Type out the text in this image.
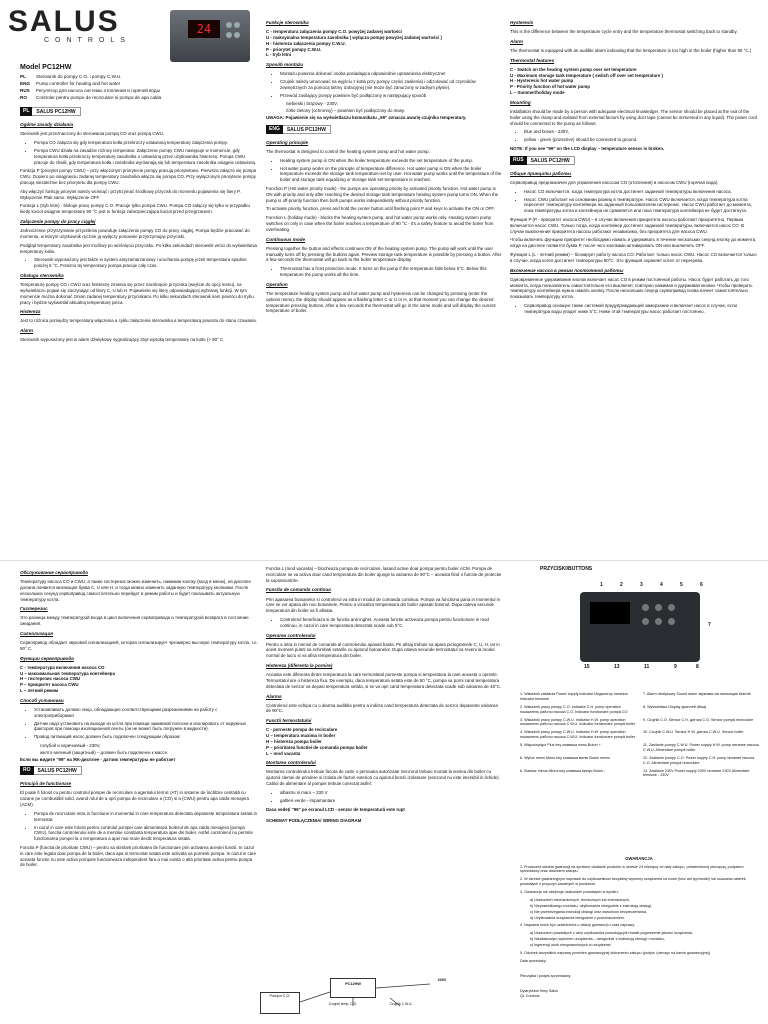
SALUS
CONTROLS
24
Model PC12HW
PL	Sterownik do pompy C.O. i pompy C.W.U.
ENG	Pump controller for heating and hot water
RUS	Регулятор для насоса системы отопления и горячей воды
RO	Controler pentru pompe de recirculare si pompa de apa calda
PL	SALUS PC12HW
Ogólne zasady działania

Sterownik jest przeznaczony do sterowania pompą CO oraz pompą CWU.

• Pompa CO załącza się gdy temperatura kotła przekroczy ustawioną temperaturę załączenia pompy.
• Pompa CWU działa na zasadzie różnicy temperatur. Załączenie pompy CWU następuje w momencie, gdy temperatura kotła przekroczy temperaturę zasobnika o ustawioną przez użytkownika histerezę. Pompa CWU pracuje do chwili, gdy temperatura kotła i zasobnika wyrównają się lub temperatura zasobnika osiągnie ustawioną.

Funkcja P (priorytet pompy CWU) – przy włączonym priorytecie pompy pracują priorytetowo. Pierwsza załącza się pompa CWU. Dopiero po osiągnięciu zadanej temperatury zasobnika włącza się pompa CO. Przy wyłączonym priorytecie pompy pracują niezależnie bez priorytetu dla pompy CWU.

Aby włączyć funkcję priorytet należy wcisnąć i przytrzymać środkowy przycisk do momentu pojawienia się litery P. Wyłączenie Ptak samo. Wyłączenie OFF.

Funkcja L (tryb letni) - blokuje pracę pompy C.O. Pracuje tylko pompa CWU. Pompa CO załączy się tylko w przypadku kiedy kocioł osiągnie temperaturę 90 °C jest to funkcja zabezpieczająca kocioł przed przegrzaniem.

Załączenie pompy do pracy ciągłej

Jednoczesne przytrzymanie przycisków powoduje załączenie pompy CO do pracy ciągłej. Pompa będzie pracować do momentu, w którym użytkownik ręcznie ją wyłączy ponownie przytrzymując przyciski.

Podgląd temperatury zasobnika jest możliwy po wciśnięciu przycisku. Po kilku sekundach sterownik wróci do wyświetlania temperatury kotła.

• Sterownik wyposażony jest także w system antyzamarzaniowy i uruchamia pompę jeżeli temperatura spadnie poniżej 5 °C. Pomimo tej temperatury pompa pracuje cały czas.
Obsługa sterownika

Temperaturę pompy CO i CWU oraz histerezę zmienia się przez naciśnięcie przycisku (wejście do opcji menu), na wyświetlaczu pojawi się zaczynając od litery C, U lub H. Pojawienie się litery odpowiadającej wybranej funkcji. W tym momencie można dokonać zmian zadanej temperatury przyciskami. Po kilku sekundach sterownik sam powróci do trybu pracy i będzie wyświetlał aktualną temperaturę pieca.

Histereza

Jest to różnica pomiędzy temperaturą włączenia a cyklu załączenia sterownika a temperaturą powrotu do stanu czuwania.

Alarm

Sterownik wyposażony jest w alarm dźwiękowy sygnalizujący zbyt wysoką temperaturę na kotle (> 90° C.

Funkcje sterownika
C - temperatura załączenia pompy C.O. powyżej zadanej wartości
U - maksymalna temperatura zasobnika ( wyłącza pompę powyżej zadanej wartości )
H - histereza załączenia pompy C.W.U.
P - priorytet pompy C.W.U.
L - tryb letni
Sposób montażu
• Montażu powinna dokonać osoba posiadająca odpowiednie uprawnienia elektryczne!
• Czujnik należy umocować na wyjściu z kotła przy pompy części zasilenia) i odizolować od czynników zewnętrznych za pomocą taśmy izolacyjnej (nie może być zanurzony w żadnym płynie).
• Przewód zasilający pompy powinien być podłączony w następujący sposób

niebieski i brązowy - 230V,

żółto-zielony (ochronny) – powinien być podłączony do masy.

UWAGA: Pojawienie się na wyświetlaczu komunikatu „99" oznacza awarię czujnika temperatury.

ENG	SALUS PC12HW
Operating principle

The thermostat is designed to control the heating system pump and hot water pump.

• Heating system pump is ON when the boiler temperature exceeds the set temperature of the pump.
• Hot water pump works on the principle of temperature difference. Hot water pump is ON when the boiler temperature exceeds the storage tank temperature-set by user. Hot water pump works until the temperature of the boiler and storage tank equalizing or storage tank set temperature is reached.

Function P (Hot water priority mode) - the pumps are operating priority by activated priority function. Hot water pump is ON with priority and only after reaching the desired storage tank temperature heating system pump turns ON. When the pump is off-priority function then both pumps works independently without priority function.

To activate priority function, press and hold the center button until flashing point P and keys to activate the ON or OFF.

Function L (holiday mode) - blocks the heating system pump, and hot water pump works only. Heating system pump switches on only in case when the boiler reaches a temperature of 90 °C - it's a safety feature to avoid the boiler from overheating.

Continuous mode

Pressing together the button and effects continues ON of the heating system pump. The pump will work until the user manually turns off by pressing the buttons again. Preview storage tank temperature is possible by pressing a button. After a few seconds the thermostat will go back to the boiler temperature display

• Thermostat has a frost protection mode. It turns on the pump if the temperature falls below 5°C. Below this temperature the pump works all the time.
Operation

The temperature heating system pump and hot water pump and hysteresis can be changed by pressing (enter the options menu), the display should appear as a flashing letter C or U or H, at that moment you can change the desired temperature pressing buttons. After a few seconds the thermostat will go in the same mode and will display the current temperature of boiler.

Hysteresis

This is the difference between the temperature cycle entry and the temperature thermostat switching back to standby.

Alarm

The thermostat is equipped with an audible alarm indicating that the temperature is too high in the boiler (higher than 90 °C.)

Thermostat features
C - Switch on the heating system pump over set temperature
U - Maximum storage tank temperature ( switch off over set temperature )
H - Hysteresis hot water pump
P - Priority function of hot water pump
L – Summer/holiday mode
Mounting

Installation should be made by a person with adequate electrical knowledge!. The sensor should be placed at the exit of the boiler using the clamp and isolated from external factors by using duct tape (cannot be immersed in any liquid). The power cord should be connected to the pump as follows:

• blue and brown - 230V,
• yellow - green (protective) should be connected to ground.

NOTE: If you see "99" on the LCD display – temperature sensor is broken.

RUS	SALUS PC12HW
Общие принципы работы

Сервопривод предназначен для управления насосом CO (отопления) и насосом CWU (горячая вода).

• Насос CO включается, когда температура котла достигнет заданной температуры включения насоса.
• Насос CWU работает на основании разниц в температуре. Насос CWU включается, когда температура котла пересечет температуру контейнера на заданный пользователем гистерезис. Насос CWU работает до момента, пока температуры котла и контейнера не сравняется или пока температура контейнера не будет достигнута.

Функция P (P - приоритет насоса CWU) – в случае включения приоритета насосы работают приоритетно. Первым включается насос CWU. Только тогда, когда контейнер достигнет заданной температуры, включается насос CO. В случае выключения приоритета насосы работают независимо, без приоритета для насоса CWU.

Чтобы включить функцию приоритет необходимо нажать и удерживать в течение нескольких секунд кнопку до момента, когда на дисплее появится буква P, после чего кнопками активировать ON или выключить OFF.

Функция L (L - летний режим) – блокирует работу насоса CO. Работает только насос CWU. Насос CO включается только в случае, когда котел достигнет температуры 90°C. Это функция охраняет котел от перегрева.

Включение насоса в режим постоянной работы

Одновременное удерживание кнопок включает насос CO в режим постоянной работы. Насос будет работать до того момента, когда пользователь самостоятельно его выключит, повторно нажимая и удерживая кнопки. Чтобы проверить температуру контейнера нужно нажать кнопку. После нескольких секунд сервопривод снова начнет самостоятельно показывать температуру котла.

• Сервопривод оснащен также системой предупреждающей замерзание и включает насос в случае, если температура воды упадет ниже 5°C. Ниже этой температуры насос работает постоянно.
Обслуживание сервопривода

Температуру насоса CO и CWU, а также гистерезис можно изменить, нажимая кнопку (вход в меню), на дисплее должна появится мигающая буква C, U или H, и тогда можно изменить заданную температуру кнопками. После нескольких секунд сервопривод самостоятельно перейдет в режим работы и будет показывать актуальную температуру котла.

Гистерезис

Это разница между температурой входа в цикл включения сервопривода и температурой возврата в состояние ожидания.

Сигнализация

Сервопривод обладает звуковой сигнализацией, которая сигнализирует чрезмерно высокую температуру котла, т.е. 90° C.

Функции сервопривода
C - температура включения насоса CO
U – максимальная температура контейнера
H – гистерезис насоса CWU
P – приоритет насоса CWU
L – летний режим
Способ установки
• Устанавливать должно лицо, обладающее соответствующими разрешениями на работу с электроприборами!
• Датчик надо установить на выходе из котла при помощи зажимной полоски и изолировать от наружных факторов при помощи изоляционной ленты (он не может быть погружен в жидкости).
• Провод питающий насос должен быть подключен следующим образом:

голубой и коричневый - 230V,

желто-зеленый (защитный) – должен быть подключен к массе.

Если вы видите "99" на ЖК-дисплее - датчик температуры не работает

RO	SALUS PC12HW
Principii de functionare

El poate fi folosit cu pentru controlul pompei de recirculare a agentului termic (AT) in sisteme de încălzire centrală cu cazane pe combustibil solid, avand rolul de a opri pompa de recirculare a (CO) si a (CWU) pentru apa calda menajera (ACM).

• Pompa de recirculare intra in functiune in momentul in care temperatura detectata depaseste temperatura setata in termostat.
• In cazul in care este folosit pentru controlul pompei care alimenteaza boilerul de apa calda menajera (pompa CWU), functia controlerului este de a mentine constanta temperatura apei din boiler. Astfel controlerul nu permite functionarea pompei la o temperatura a apei mai mare decât temperatura setata.

Functia P (functia de prioritate CWU) – pentru sa stimbeti prioritatea de functionare prin activarea acestei functii. In cazul in care este legata doar pompa de la boiler, daca apa in termostat setata este activata sa pornesti pompa. In cazul in care aceasta functie nu este activa pompele functioneaza independent fara a mai exista o alta prioritate activa pentru pompa de boiler.

Functia L (mod vacanta) – blocheaza pompa de recirculare, lasand active doar pompa pentru boiler ACM. Pompa de recirculare se va activa doar cand temperatura din boiler ajunge la valoarea de 90°C – aceasta fiind o functie de protectie la supraincalzire.

Functia de comanda continua

Prin apasarea butoanelor si controlerul va intra in modul de comanda continua. Pompa va functiona pana in momentul in care se vor apasa din nou butoanele. Pentru a vizualiza temperatura din boiler apasati butonul. Dupa cateva secunde temperatura din boiler va fi afisata.

• Controlerul beneficiaza si de functia anti-inghet. Aceasta functie activeaza pompa pentru functionare in mod continuu, in cazul in care temperatura detectata scade sub 5°C.
Operarea controlerului

Pentru a intra in meniul de comanda al controlerului apasati basta. Pe afisaj trebuie sa apara pictogramele C, U, H, iar in acest moment puteti sa schimbati setarile cu ajutorul butoanelor. Dupa cateva secunde termostatul va reveni la modul normal de lucru si va afisa temperatura din boiler.

Histereza (diferenta la pornire)

Aceasta este diferenta dintre temperatura la care termostatul porneste pompa si temperatura la care aceasta o opreste. Termostatul are o histereza fixa. De exemplu, daca temperatura setata este de 50 °C, pompa va porni cand temperatura detectata de senzor va depasi temperatura setata, si se va opri cand temperatura detectata scade sub valoarea de 48°C.

Alarma

Controlerul este echipa cu o alarma audibila pentru a indicta cand temperatura detectata de senzor depaseste valoarea de 90°C.

Functii termostatului
C - porneste pompa de recirculare
U – temperatura maxima in boiler
H – histereza pompa boiler
P – prioritatea functiei de comanda pompa boiler
L – mod vacanta
Montarea controlerului

Montarea controlerului trebuie facuta de catre o persoana autorizata! Senzorul trebuie montat la iesirea din boiler cu ajutorul clemei de prindere si izolata de factori exteriori cu ajutorul benzii izolatoare (senzorul nu este imersibil in lichide). Cablul de alimentare al pompei trebuie conectat astfel:

• albastru si maro – 230 V
• galben-verde - impamantare

Daca vedeți "99" pe ecranul LCD - senzor de temperatură este rupt

SCHEMAT PODŁĄCZENIA/ WIRING DIAGRAM

PC12HW
Pompa C.O.
Czujnik temp. C.O.	Czujnik C.W.U.
230V
PRZYCISKI/BUTTONS
1	2	3	4	5	6
7
15	13	11	9	8
1. Wskaźnik zasilania Power supply indicator Индикатор питания Indicator tensiune
7. Alarm dźwiękowy Sound alarm звуковая сигнализация Alarmă
2. Wskaźnik pracy pompy C.O. Indicator C.H. pump operation показатель работы насоса C.O. Indicator funcționare pompă CO
8. Wyświetlacz Display дисплей Afișaj
3. Wskaźnik pracy pompy C.W.U. Indicator H.W. pump operation показатель работы насоса C.W.U. Indicator funcționare pompă boiler
9. Czujnik C.O. Sensor C.H. датчик C.O. Senzor pompă recirculare
4. Wskaźnik pracy pompy C.W.U. Indicator H.W. pump operation показатель работы насоса C.W.U. Indicator funcționare pompă boiler
10. Czujnik C.W.U. Sensor H.W. датчик C.W.U. Senzor boiler
5. Włącz/wyłącz Plus key клавиша плюс Buton +	11. Zasilanie pompy C.W.U. Power supply H.W. pump питание насоса C.W.U. Alimentare pompă boiler
6. Wybór menu Menu key клавиша меню Buton meniu	12. Zasilanie pompy C.O. Power supply C.H. pump питание насоса C.O. Alimentare pompă recirculare
6. Klawisz minus Minus key клавиша минус Buton -	13. Zasilanie 230V Power supply 230V питание 230V Alimentare tensiune - 230V
GWARANCJA

1. Producent udziela gwarancji na sprawne działanie produktu w okresie 24 miesięcy od daty zakupu, potwierdzonej pieczęcią, podpisem sprzedawcy oraz dowodem zakupu.

2. W okresie gwarancyjnym naprawie do użytkownikowi bezpłatny wymieny urządzenia na nowe (lecz ani typ/model) lub usuwania usterek powstałych z przyczyn zawartych w produkcie.

3. Gwarancja nie obejmuje uszkodzeń powstałych w wyniku:

a) Uszkodzeń mechanicznych, termicznych lub chemicznych,

b) Nieprawidłowego montażu, użytkowania niezgodnie z instrukcją obsługi,

c) Nie przestrzegania instrukcji obsługi oraz warunków bezpieczeństwa,

d) Użytkowania urządzenia niezgodnie z przeznaczeniem.

4. Naprawa może być uzależniona o dalszy gwarancji o czas naprawy.

a) Uszkodzeń powstałych z winy użytkownika powodujących trwałe pogorszenie jakości urządzenia,

b) Niewłaściwym wyborem urządzenia – niezgodnie z instrukcją obsługi i montażu,

c) Ingerencji osób nieuprawnionych w urządzenie.

5. Odcinek wszystkich naprawy powinien gwarancyjnej dokumentu zakupu (podpis i pieczęć na karcie gwarancyjnej).

Data sprzedaży:

Pieczątka i podpis sprzedawcy:

Dystrybutor firmy Salus

QL Controls
